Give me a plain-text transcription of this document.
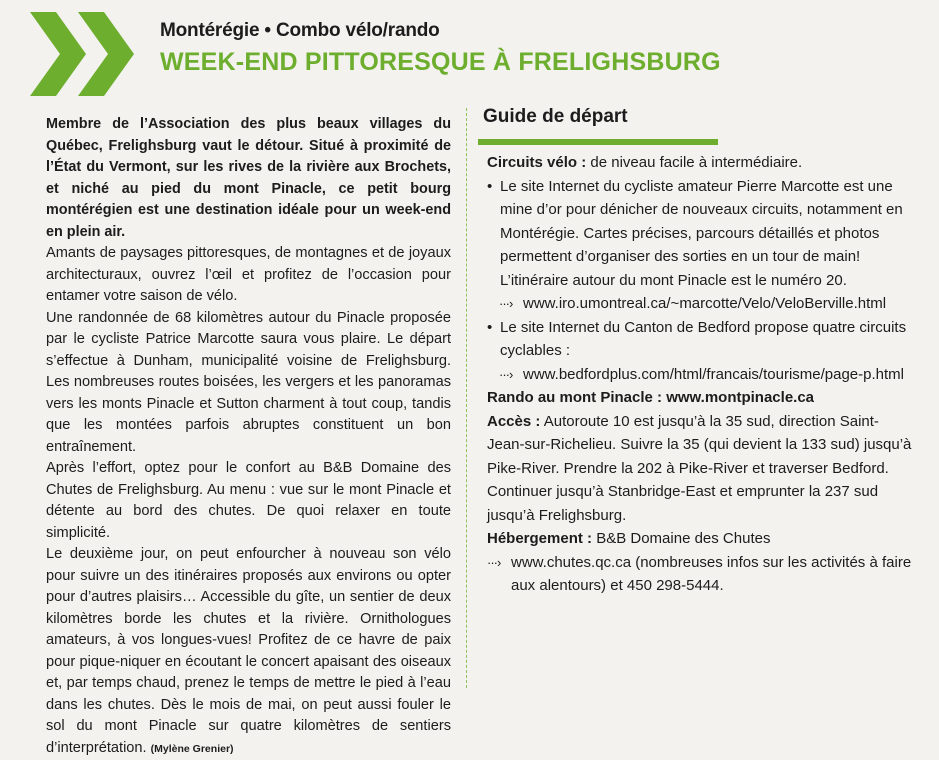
Montérégie • Combo vélo/rando
WEEK-END PITTORESQUE À FRELIGHSBURG

Membre de l’Association des plus beaux villages du Québec, Frelighsburg vaut le détour. Situé à proximité de l’État du Vermont, sur les rives de la rivière aux Brochets, et niché au pied du mont Pinacle, ce petit bourg montérégien est une destination idéale pour un week-end en plein air.

Amants de paysages pittoresques, de montagnes et de joyaux architecturaux, ouvrez l’œil et profitez de l’occasion pour entamer votre saison de vélo.

Une randonnée de 68 kilomètres autour du Pinacle proposée par le cycliste Patrice Marcotte saura vous plaire. Le départ s’effectue à Dunham, municipalité voisine de Frelighsburg. Les nombreuses routes boisées, les vergers et les panoramas vers les monts Pinacle et Sutton charment à tout coup, tandis que les montées parfois abruptes constituent un bon entraînement.

Après l’effort, optez pour le confort au B&B Domaine des Chutes de Frelighsburg. Au menu : vue sur le mont Pinacle et détente au bord des chutes. De quoi relaxer en toute simplicité.

Le deuxième jour, on peut enfourcher à nouveau son vélo pour suivre un des itinéraires proposés aux environs ou opter pour d’autres plaisirs… Accessible du gîte, un sentier de deux kilomètres borde les chutes et la rivière. Ornithologues amateurs, à vos longues-vues! Profitez de ce havre de paix pour pique-niquer en écoutant le concert apaisant des oiseaux et, par temps chaud, prenez le temps de mettre le pied à l’eau dans les chutes. Dès le mois de mai, on peut aussi fouler le sol du mont Pinacle sur quatre kilomètres de sentiers d’interprétation. (Mylène Grenier)

Guide de départ

Circuits vélo : de niveau facile à intermédiaire.

• Le site Internet du cycliste amateur Pierre Marcotte est une mine d’or pour dénicher de nouveaux circuits, notamment en Montérégie. Cartes précises, parcours détaillés et photos permettent d’organiser des sorties en un tour de main! L’itinéraire autour du mont Pinacle est le numéro 20.

···› www.iro.umontreal.ca/~marcotte/Velo/VeloBerville.html

• Le site Internet du Canton de Bedford propose quatre circuits cyclables :

···› www.bedfordplus.com/html/francais/tourisme/page-p.html

Rando au mont Pinacle : www.montpinacle.ca

Accès : Autoroute 10 est jusqu’à la 35 sud, direction Saint-Jean-sur-Richelieu. Suivre la 35 (qui devient la 133 sud) jusqu’à Pike-River. Prendre la 202 à Pike-River et traverser Bedford. Continuer jusqu’à Stanbridge-East et emprunter la 237 sud jusqu’à Frelighsburg.

Hébergement : B&B Domaine des Chutes

···› www.chutes.qc.ca (nombreuses infos sur les activités à faire aux alentours) et 450 298-5444.
